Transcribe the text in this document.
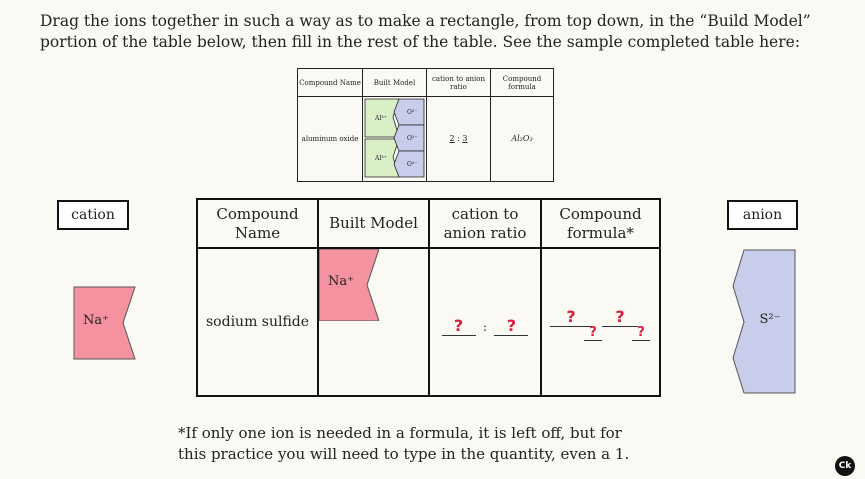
Drag the ions together in such a way as to make a rectangle, from top down, in the “Build Model” portion of the table below, then fill in the rest of the table. See the sample completed table here:
Compound Name	Built Model	cation to anion ratio	Compound formula
aluminum oxide	Al³⁺
Al³⁺
O²⁻
O²⁻
O²⁻	2 : 3	Al₂O₃
cation	anion
Na⁺	S²⁻
Compound Name	Built Model	cation to anion ratio	Compound formula*
sodium sulfide	Na⁺	? : ?	?
?
?
?
*If only one ion is needed in a formula, it is left off, but for this practice you will need to type in the quantity, even a 1.
Ck
